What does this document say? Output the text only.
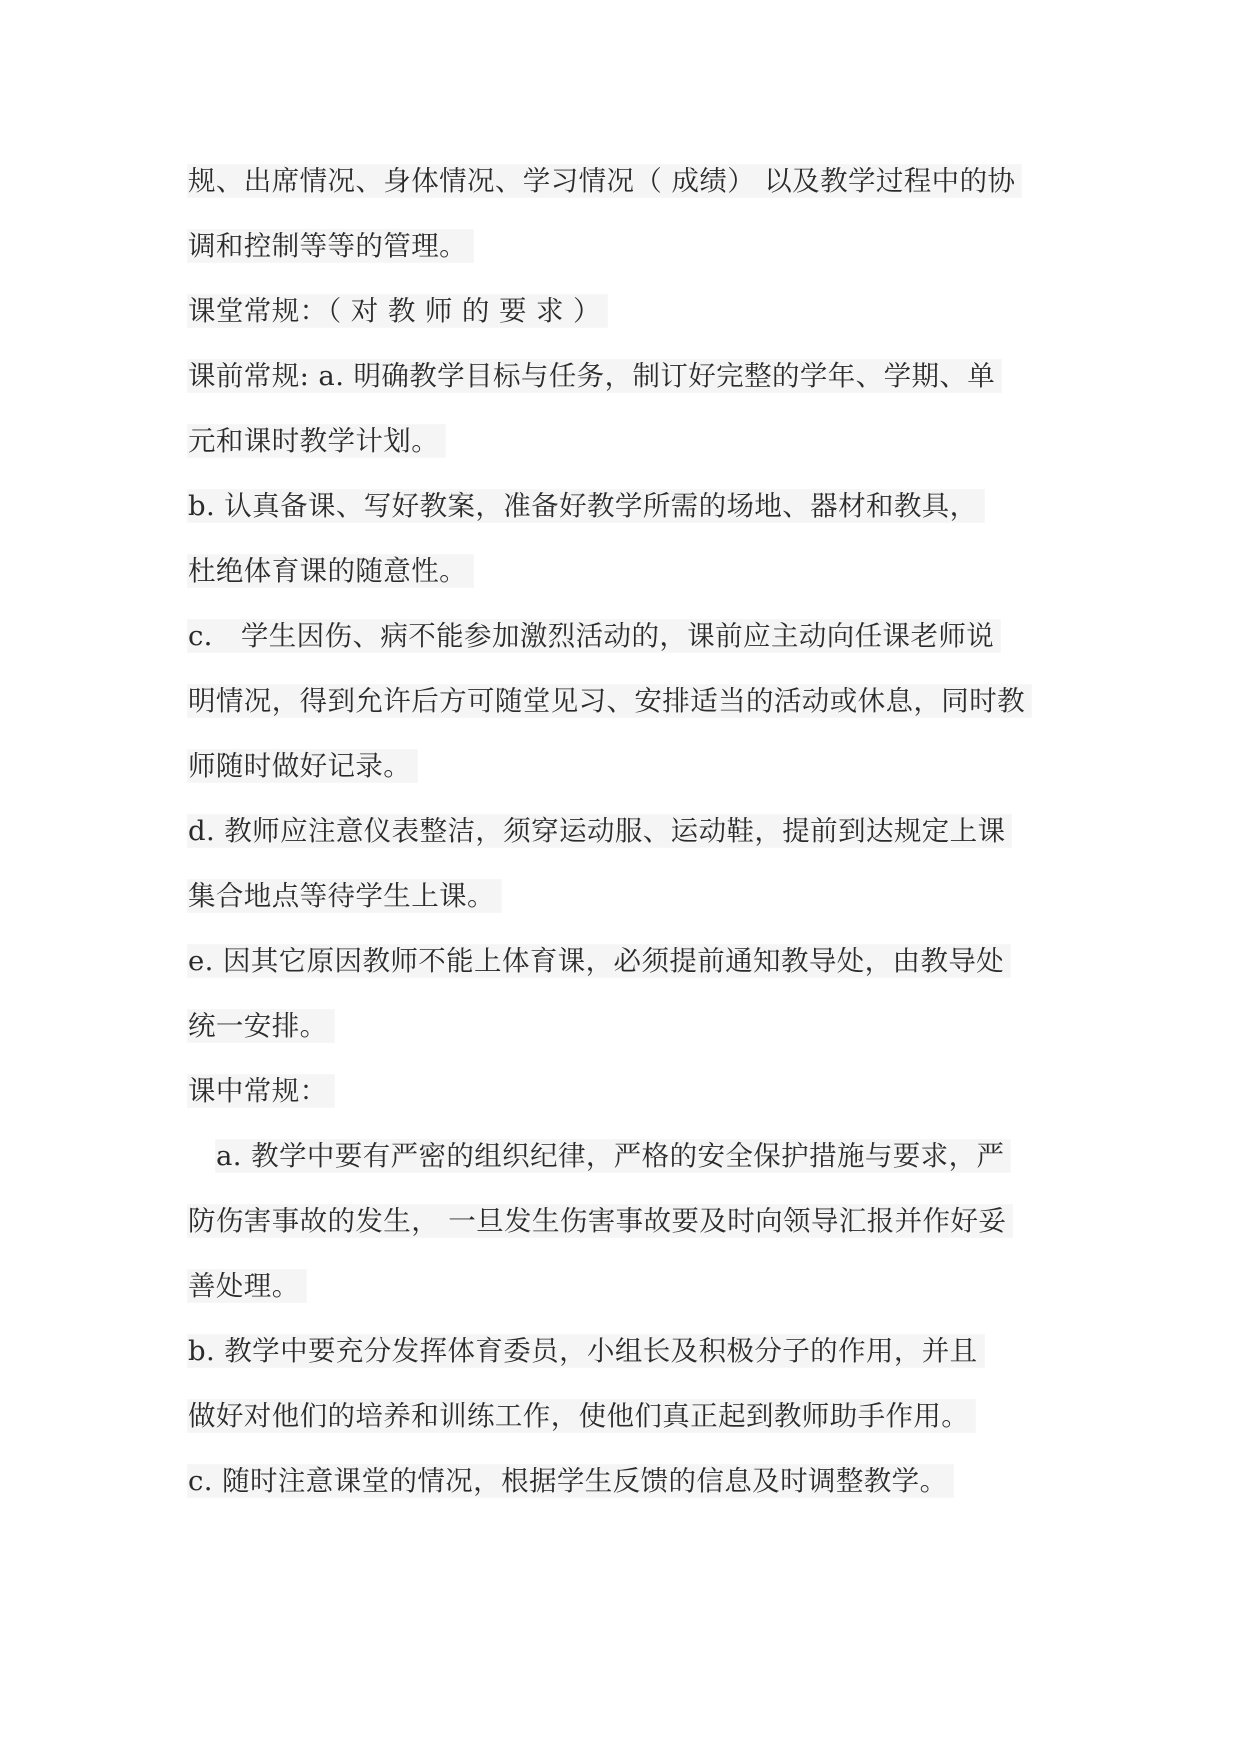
规、出席情况、身体情况、学习情况（ 成绩） 以及教学过程中的协
调和控制等等的管理。
课堂常规：（ 对 教 师 的 要 求 ）
课前常规: a. 明确教学目标与任务，制订好完整的学年、学期、单
元和课时教学计划。
b. 认真备课、写好教案，准备好教学所需的场地、器材和教具，
杜绝体育课的随意性。
c． 学生因伤、病不能参加激烈活动的，课前应主动向任课老师说
明情况，得到允许后方可随堂见习、安排适当的活动或休息，同时教
师随时做好记录。
d. 教师应注意仪表整洁，须穿运动服、运动鞋，提前到达规定上课
集合地点等待学生上课。
e. 因其它原因教师不能上体育课，必须提前通知教导处，由教导处
统一安排。
课中常规：
a. 教学中要有严密的组织纪律，严格的安全保护措施与要求，严
防伤害事故的发生， 一旦发生伤害事故要及时向领导汇报并作好妥
善处理。
b. 教学中要充分发挥体育委员，小组长及积极分子的作用，并且
做好对他们的培养和训练工作，使他们真正起到教师助手作用。
c. 随时注意课堂的情况，根据学生反馈的信息及时调整教学。
